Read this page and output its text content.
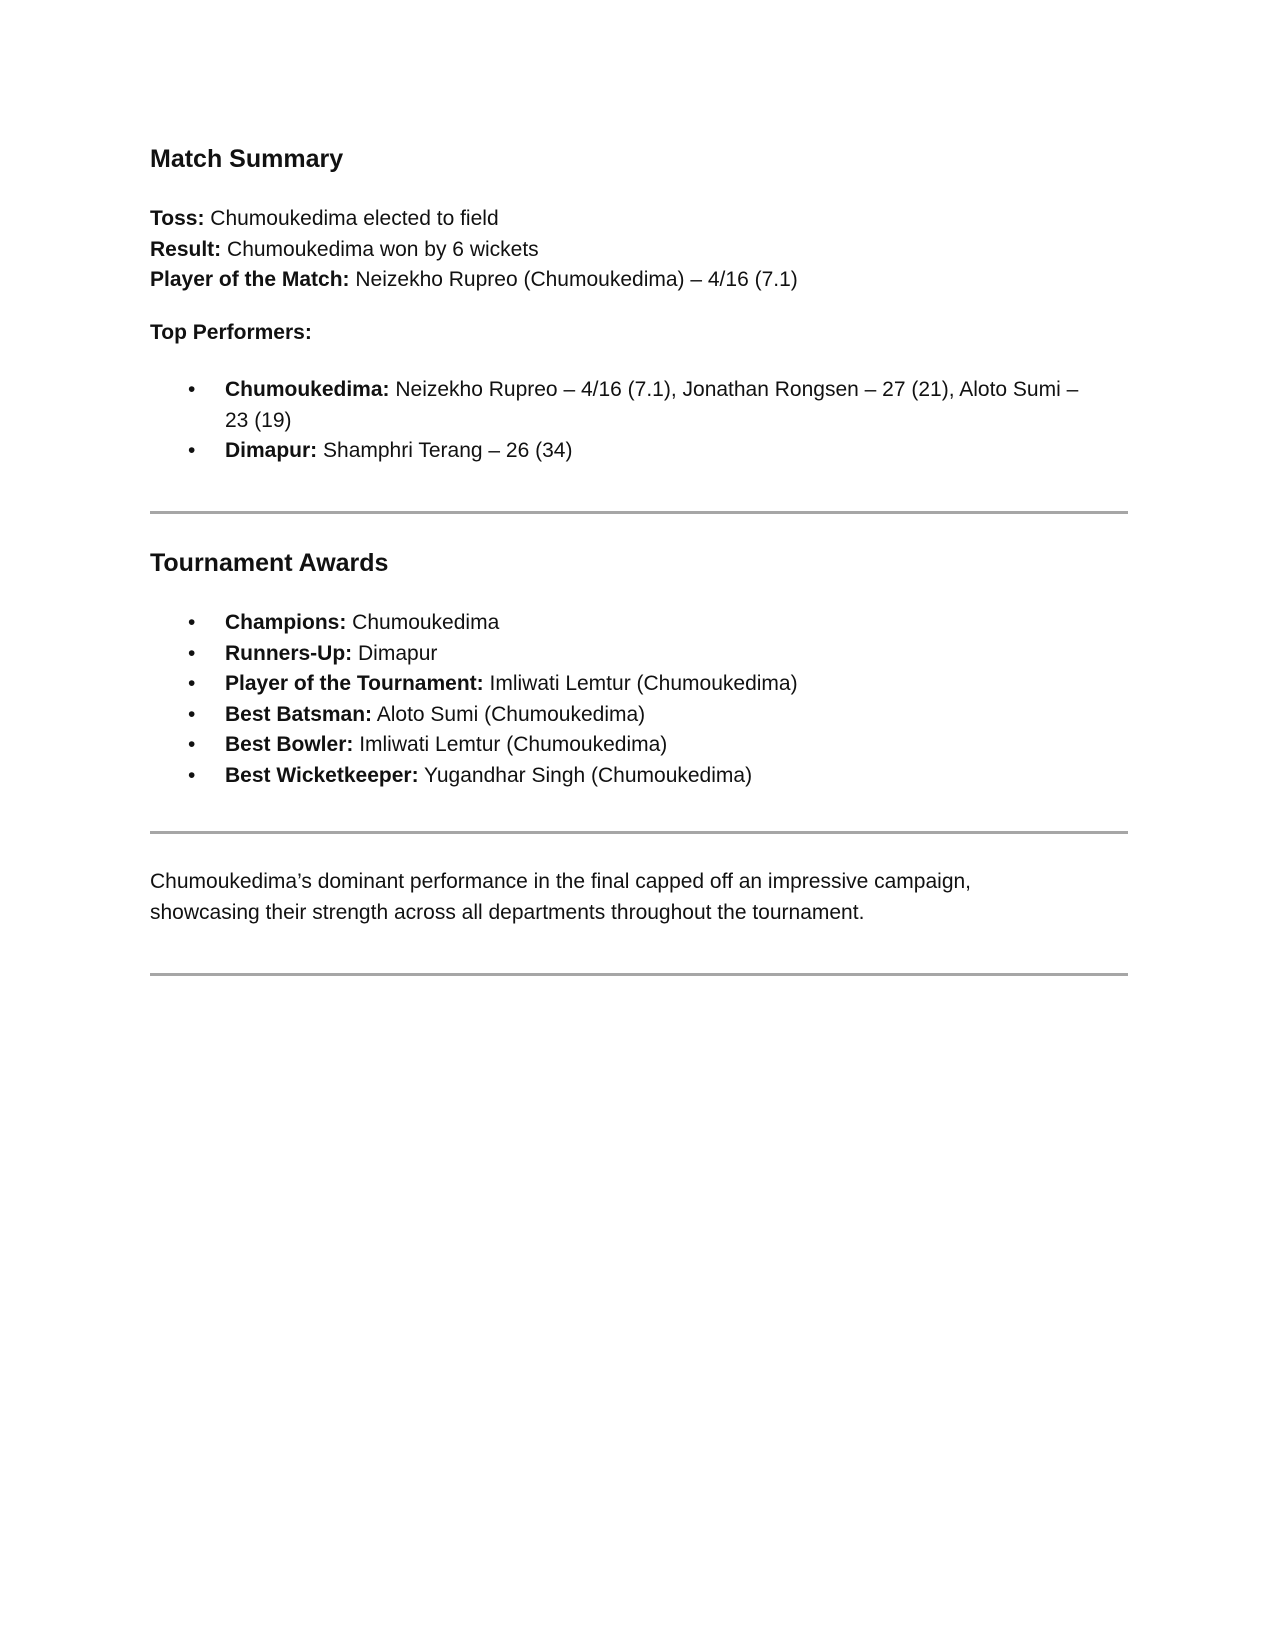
Match Summary

Toss: Chumoukedima elected to field

Result: Chumoukedima won by 6 wickets

Player of the Match: Neizekho Rupreo (Chumoukedima) – 4/16 (7.1)

Top Performers:

• Chumoukedima: Neizekho Rupreo – 4/16 (7.1), Jonathan Rongsen – 27 (21), Aloto Sumi – 23 (19)
• Dimapur: Shamphri Terang – 26 (34)
Tournament Awards
• Champions: Chumoukedima
• Runners-Up: Dimapur
• Player of the Tournament: Imliwati Lemtur (Chumoukedima)
• Best Batsman: Aloto Sumi (Chumoukedima)
• Best Bowler: Imliwati Lemtur (Chumoukedima)
• Best Wicketkeeper: Yugandhar Singh (Chumoukedima)

Chumoukedima’s dominant performance in the final capped off an impressive campaign, showcasing their strength across all departments throughout the tournament.
